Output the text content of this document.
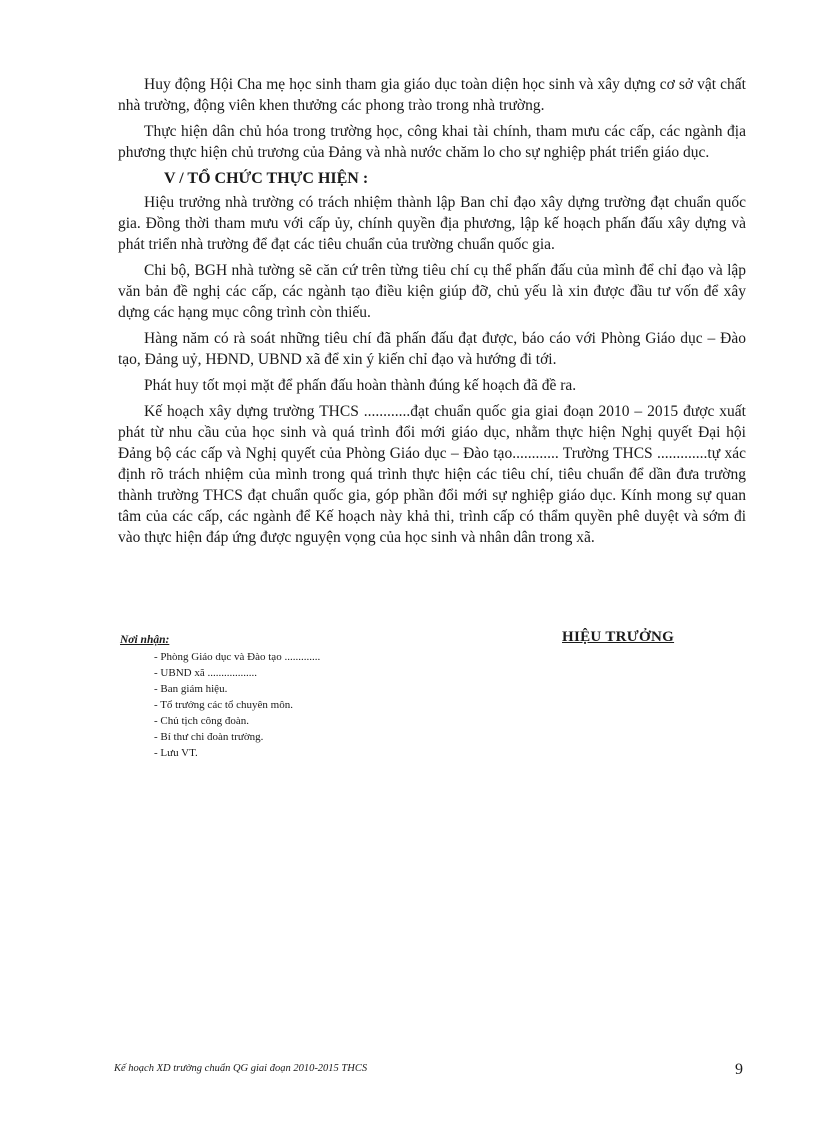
Huy động Hội Cha mẹ học sinh tham gia giáo dục toàn diện học sinh và xây dựng cơ sở vật chất nhà trường, động viên khen thưởng các phong trào trong nhà trường.

Thực hiện dân chủ hóa trong trường học, công khai tài chính, tham mưu các cấp, các ngành địa phương thực hiện chủ trương của Đảng và nhà nước chăm lo cho sự nghiệp phát triển giáo dục.

V / TỔ CHỨC THỰC HIỆN :

Hiệu trưởng nhà trường có trách nhiệm thành lập Ban chỉ đạo xây dựng trường đạt chuẩn quốc gia. Đồng thời tham mưu với cấp ủy, chính quyền địa phương, lập kế hoạch phấn đấu xây dựng và phát triển nhà trường để đạt các tiêu chuẩn của trường chuẩn quốc gia.

Chi bộ, BGH nhà tường sẽ căn cứ trên từng tiêu chí cụ thể phấn đấu của mình để chỉ đạo và lập văn bản đề nghị các cấp, các ngành tạo điều kiện giúp đỡ, chủ yếu là xin được đầu tư vốn để xây dựng các hạng mục công trình còn thiếu.

Hàng năm có rà soát những tiêu chí đã phấn đấu đạt được, báo cáo với Phòng Giáo dục – Đào tạo, Đảng uỷ, HĐND, UBND xã để xin ý kiến chỉ đạo và hướng đi tới.

Phát huy tốt mọi mặt để phấn đấu hoàn thành đúng kế hoạch đã đề ra.

Kế hoạch xây dựng trường THCS ............đạt chuẩn quốc gia giai đoạn 2010 – 2015 được xuất phát từ nhu cầu của học sinh và quá trình đổi mới giáo dục, nhằm thực hiện Nghị quyết Đại hội Đảng bộ các cấp và Nghị quyết của Phòng Giáo dục – Đào tạo............ Trường THCS .............tự xác định rõ trách nhiệm của mình trong quá trình thực hiện các tiêu chí, tiêu chuẩn để dần đưa trường thành trường THCS đạt chuẩn quốc gia, góp phần đổi mới sự nghiệp giáo dục. Kính mong sự quan tâm của các cấp, các ngành để Kế hoạch này khả thi, trình cấp có thẩm quyền phê duyệt và sớm đi vào thực hiện đáp ứng được nguyện vọng của học sinh và nhân dân trong xã.

Nơi nhận:
- Phòng Giáo dục và Đào tạo .............
- UBND xã ..................
- Ban giám hiệu.
- Tổ trưởng các tổ chuyên môn.
- Chủ tịch công đoàn.
- Bí thư chi đoàn trường.
- Lưu VT.
HIỆU TRƯỞNG
Kế hoạch XD trường chuẩn QG giai đoạn 2010-2015 THCS	9
